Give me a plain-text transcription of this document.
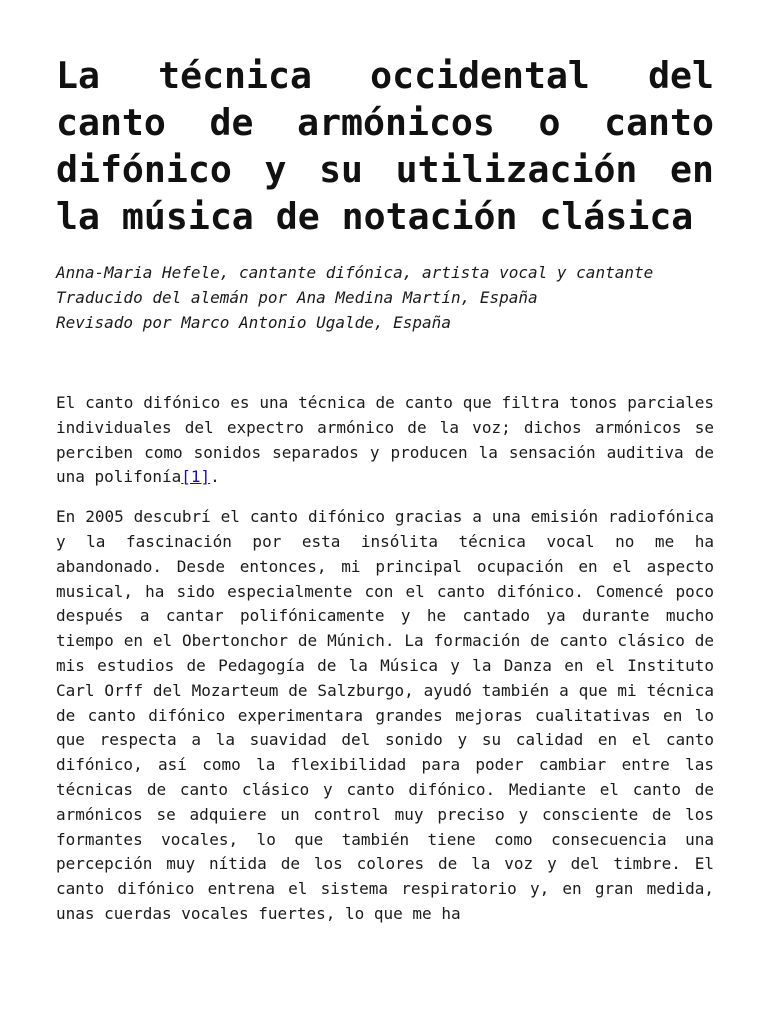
La técnica occidental del canto de armónicos o canto difónico y su utilización en la música de notación clásica
Anna-Maria Hefele, cantante difónica, artista vocal y cantante
Traducido del alemán por Ana Medina Martín, España
Revisado por Marco Antonio Ugalde, España

El canto difónico es una técnica de canto que filtra tonos parciales individuales del expectro armónico de la voz; dichos armónicos se perciben como sonidos separados y producen la sensación auditiva de una polifonía[1].

En 2005 descubrí el canto difónico gracias a una emisión radiofónica y la fascinación por esta insólita técnica vocal no me ha abandonado. Desde entonces, mi principal ocupación en el aspecto musical, ha sido especialmente con el canto difónico. Comencé poco después a cantar polifónicamente y he cantado ya durante mucho tiempo en el Obertonchor de Múnich. La formación de canto clásico de mis estudios de Pedagogía de la Música y la Danza en el Instituto Carl Orff del Mozarteum de Salzburgo, ayudó también a que mi técnica de canto difónico experimentara grandes mejoras cualitativas en lo que respecta a la suavidad del sonido y su calidad en el canto difónico, así como la flexibilidad para poder cambiar entre las técnicas de canto clásico y canto difónico. Mediante el canto de armónicos se adquiere un control muy preciso y consciente de los formantes vocales, lo que también tiene como consecuencia una percepción muy nítida de los colores de la voz y del timbre. El canto difónico entrena el sistema respiratorio y, en gran medida, unas cuerdas vocales fuertes, lo que me ha
